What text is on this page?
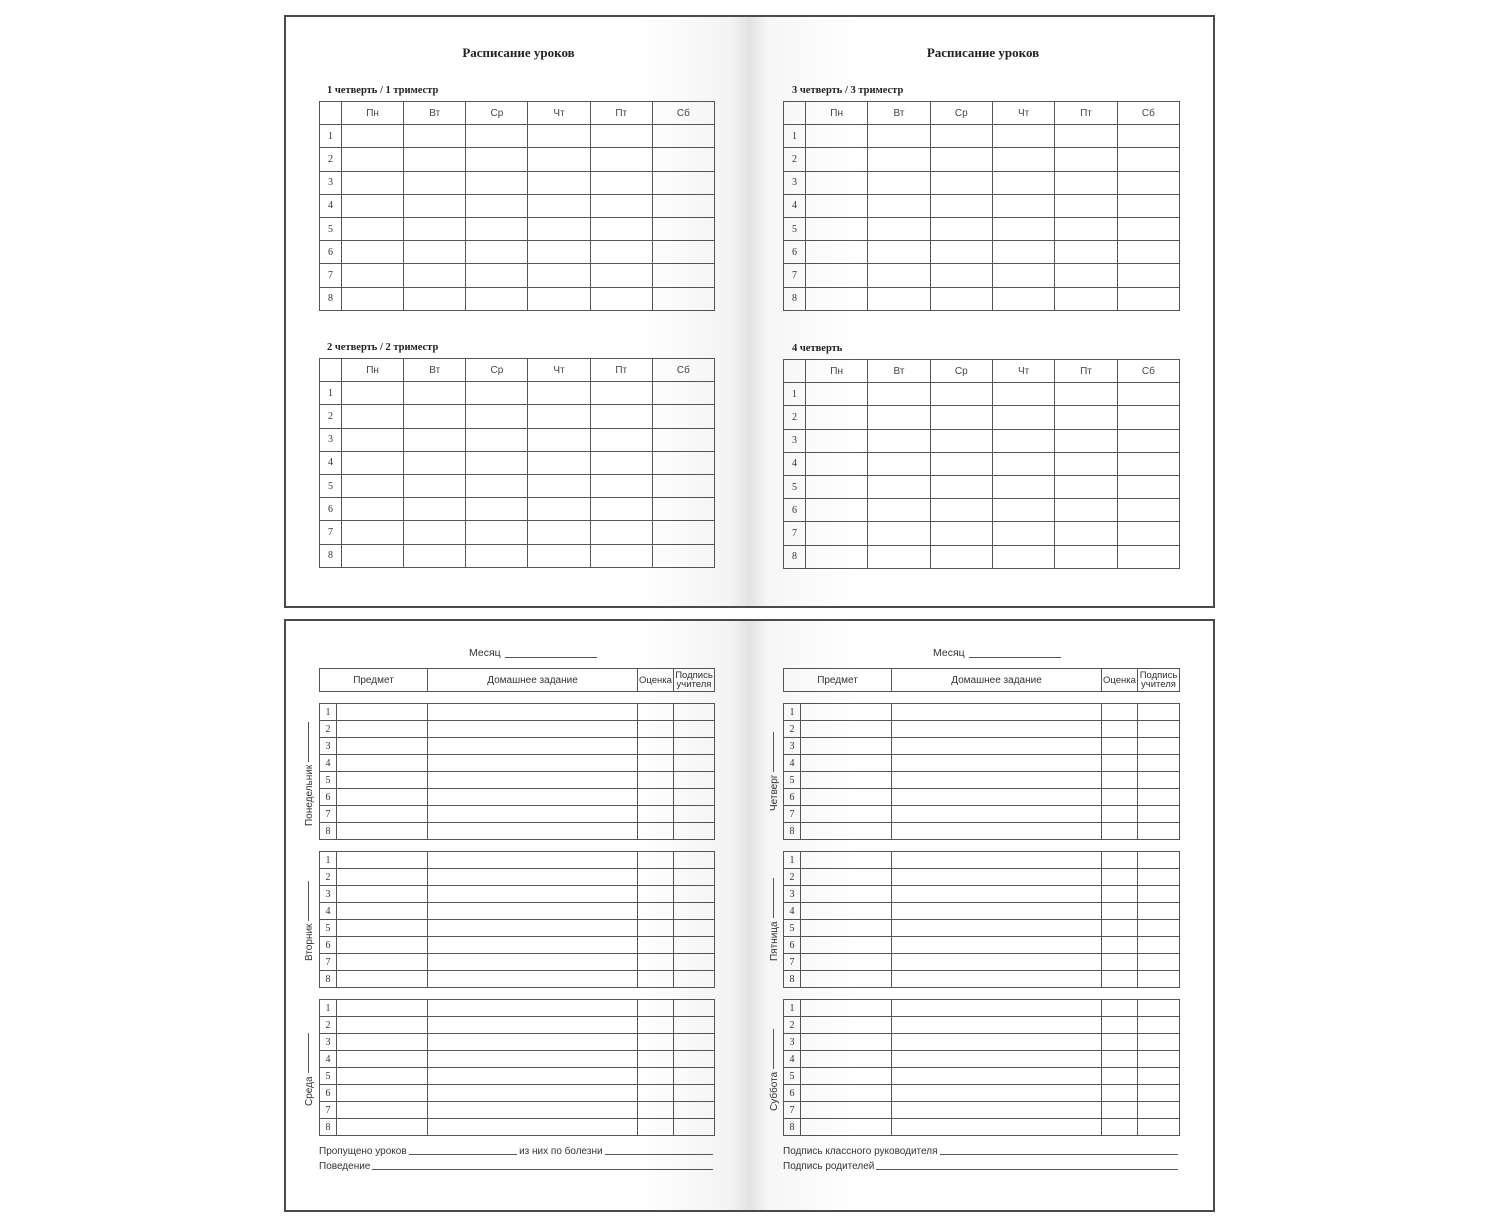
Расписание уроков
1 четверть / 1 триместр
	Пн	Вт	Ср	Чт	Пт	Сб
1						
2						
3						
4						
5						
6						
7						
8						
2 четверть / 2 триместр
	Пн	Вт	Ср	Чт	Пт	Сб
1						
2						
3						
4						
5						
6						
7						
8						
Расписание уроков
3 четверть / 3 триместр
	Пн	Вт	Ср	Чт	Пт	Сб
1						
2						
3						
4						
5						
6						
7						
8						
4 четверть
	Пн	Вт	Ср	Чт	Пт	Сб
1						
2						
3						
4						
5						
6						
7						
8						
Месяц
Предмет	Домашнее задание	Оценка	Подпись
учителя
1				
2				
3				
4				
5				
6				
7				
8				
1				
2				
3				
4				
5				
6				
7				
8				
1				
2				
3				
4				
5				
6				
7				
8				
Понедельник
Вторник
Среда
Пропущено уроков	из них по болезни
Поведение
Месяц
Предмет	Домашнее задание	Оценка	Подпись
учителя
1				
2				
3				
4				
5				
6				
7				
8				
1				
2				
3				
4				
5				
6				
7				
8				
1				
2				
3				
4				
5				
6				
7				
8				
Четверг
Пятница
Суббота
Подпись классного руководителя
Подпись родителей
